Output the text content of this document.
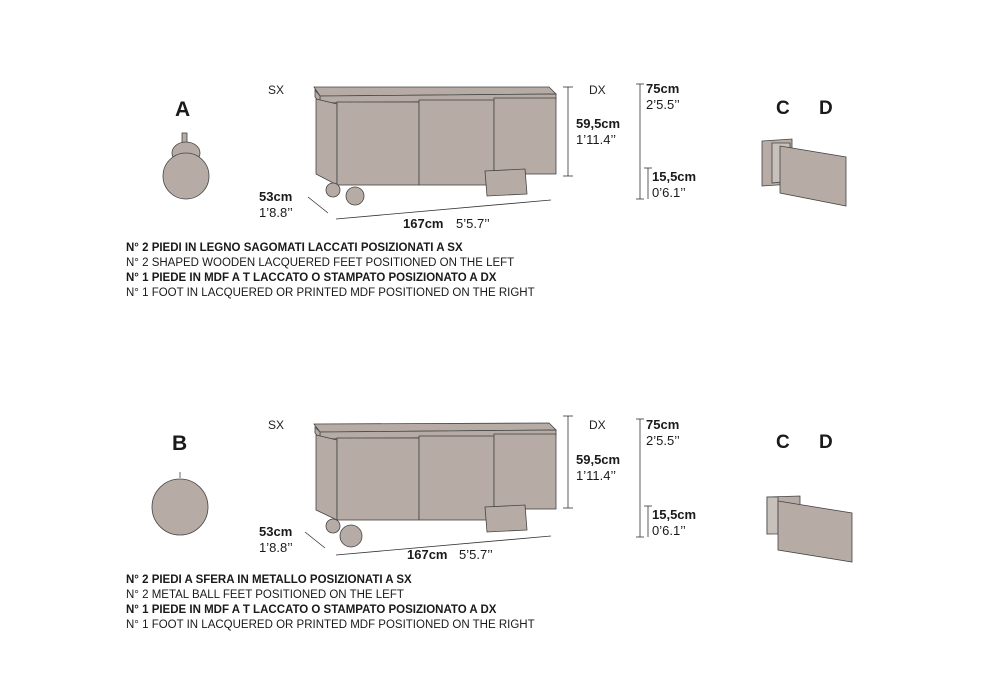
A
SX	DX	75cm
2’5.5’’
59,5cm
1’11.4’’
15,5cm
0’6.1’’
53cm
1’8.8’’
167cm 5’5.7’’
C D
N° 2 PIEDI IN LEGNO SAGOMATI LACCATI POSIZIONATI A SX
N° 2 SHAPED WOODEN LACQUERED FEET POSITIONED ON THE LEFT
N° 1 PIEDE IN MDF A T LACCATO O STAMPATO POSIZIONATO A DX
N° 1 FOOT IN LACQUERED OR PRINTED MDF POSITIONED ON THE RIGHT
B
SX	DX	75cm
2’5.5’’
59,5cm
1’11.4’’
15,5cm
0’6.1’’
53cm
1’8.8’’	167cm 5’5.7’’
C D
N° 2 PIEDI A SFERA IN METALLO POSIZIONATI A SX
N° 2 METAL BALL FEET POSITIONED ON THE LEFT
N° 1 PIEDE IN MDF A T LACCATO O STAMPATO POSIZIONATO A DX
N° 1 FOOT IN LACQUERED OR PRINTED MDF POSITIONED ON THE RIGHT
